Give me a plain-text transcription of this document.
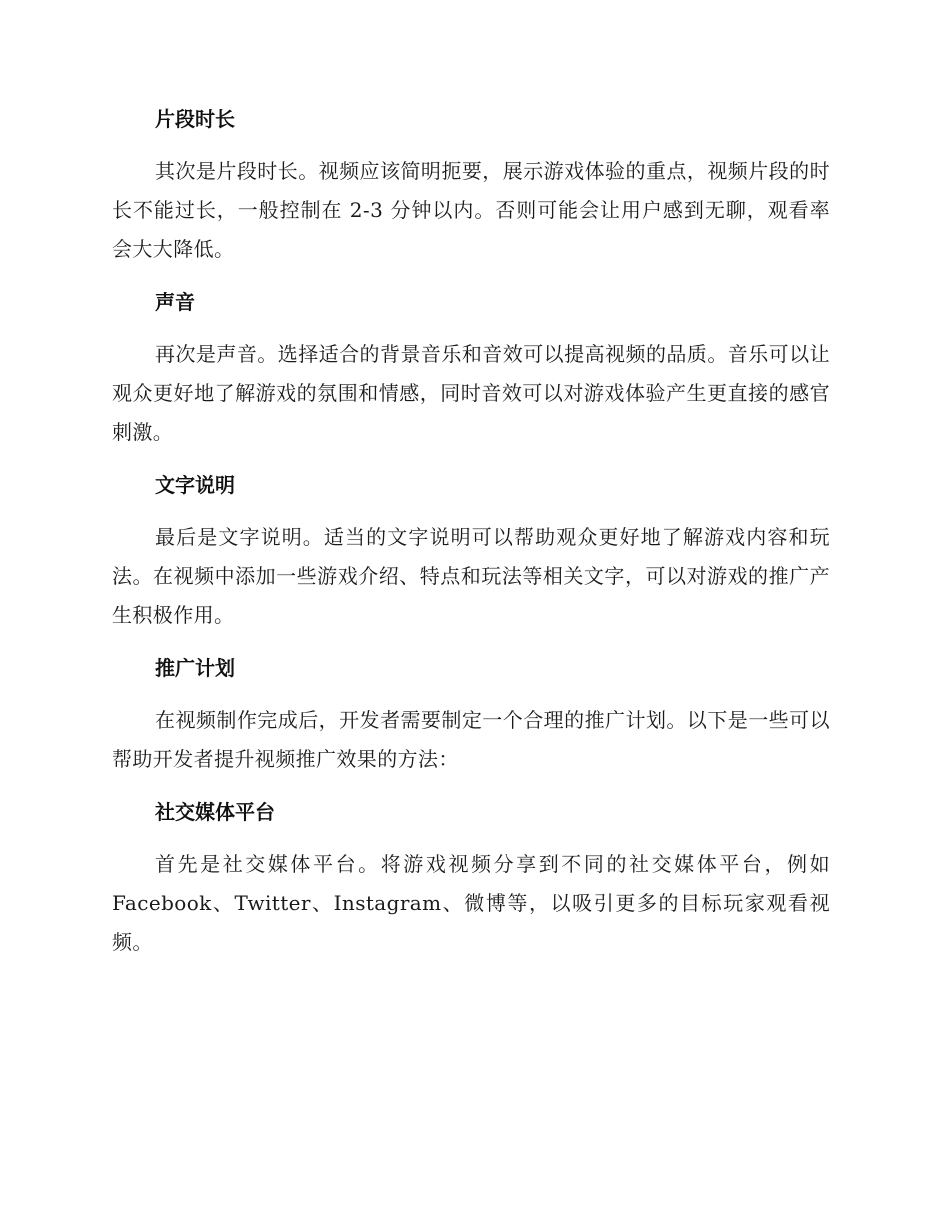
片段时长

其次是片段时长。视频应该简明扼要，展示游戏体验的重点，视频片段的时长不能过长，一般控制在 2-3 分钟以内。否则可能会让用户感到无聊，观看率会大大降低。

声音

再次是声音。选择适合的背景音乐和音效可以提高视频的品质。音乐可以让观众更好地了解游戏的氛围和情感，同时音效可以对游戏体验产生更直接的感官刺激。

文字说明

最后是文字说明。适当的文字说明可以帮助观众更好地了解游戏内容和玩法。在视频中添加一些游戏介绍、特点和玩法等相关文字，可以对游戏的推广产生积极作用。

推广计划

在视频制作完成后，开发者需要制定一个合理的推广计划。以下是一些可以帮助开发者提升视频推广效果的方法：

社交媒体平台

首先是社交媒体平台。将游戏视频分享到不同的社交媒体平台，例如 Facebook、Twitter、Instagram、微博等，以吸引更多的目标玩家观看视频。
